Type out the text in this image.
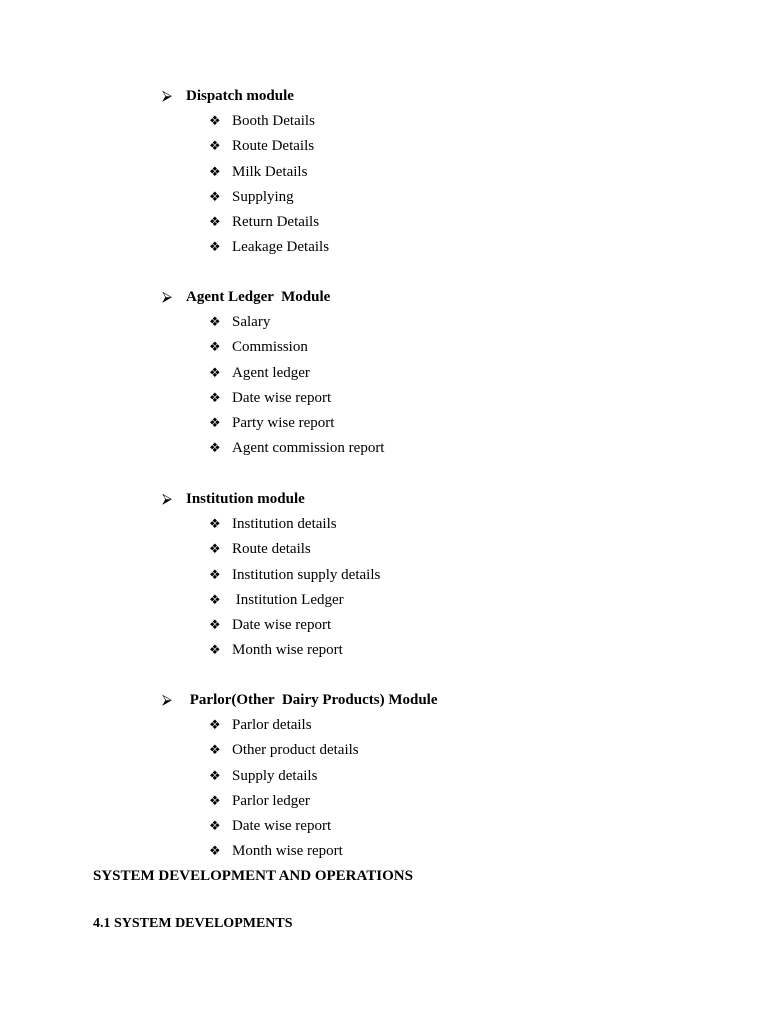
⮚ Dispatch module
❖ Booth Details
❖ Route Details
❖ Milk Details
❖ Supplying
❖ Return Details
❖ Leakage Details
⮚ Agent Ledger  Module
❖ Salary
❖ Commission
❖ Agent ledger
❖ Date wise report
❖ Party wise report
❖ Agent commission report
⮚ Institution module
❖ Institution details
❖ Route details
❖ Institution supply details
❖ Institution Ledger
❖ Date wise report
❖ Month wise report
⮚ Parlor(Other  Dairy Products) Module
❖ Parlor details
❖ Other product details
❖ Supply details
❖ Parlor ledger
❖ Date wise report
❖ Month wise report
SYSTEM DEVELOPMENT AND OPERATIONS
4.1 SYSTEM DEVELOPMENTS
